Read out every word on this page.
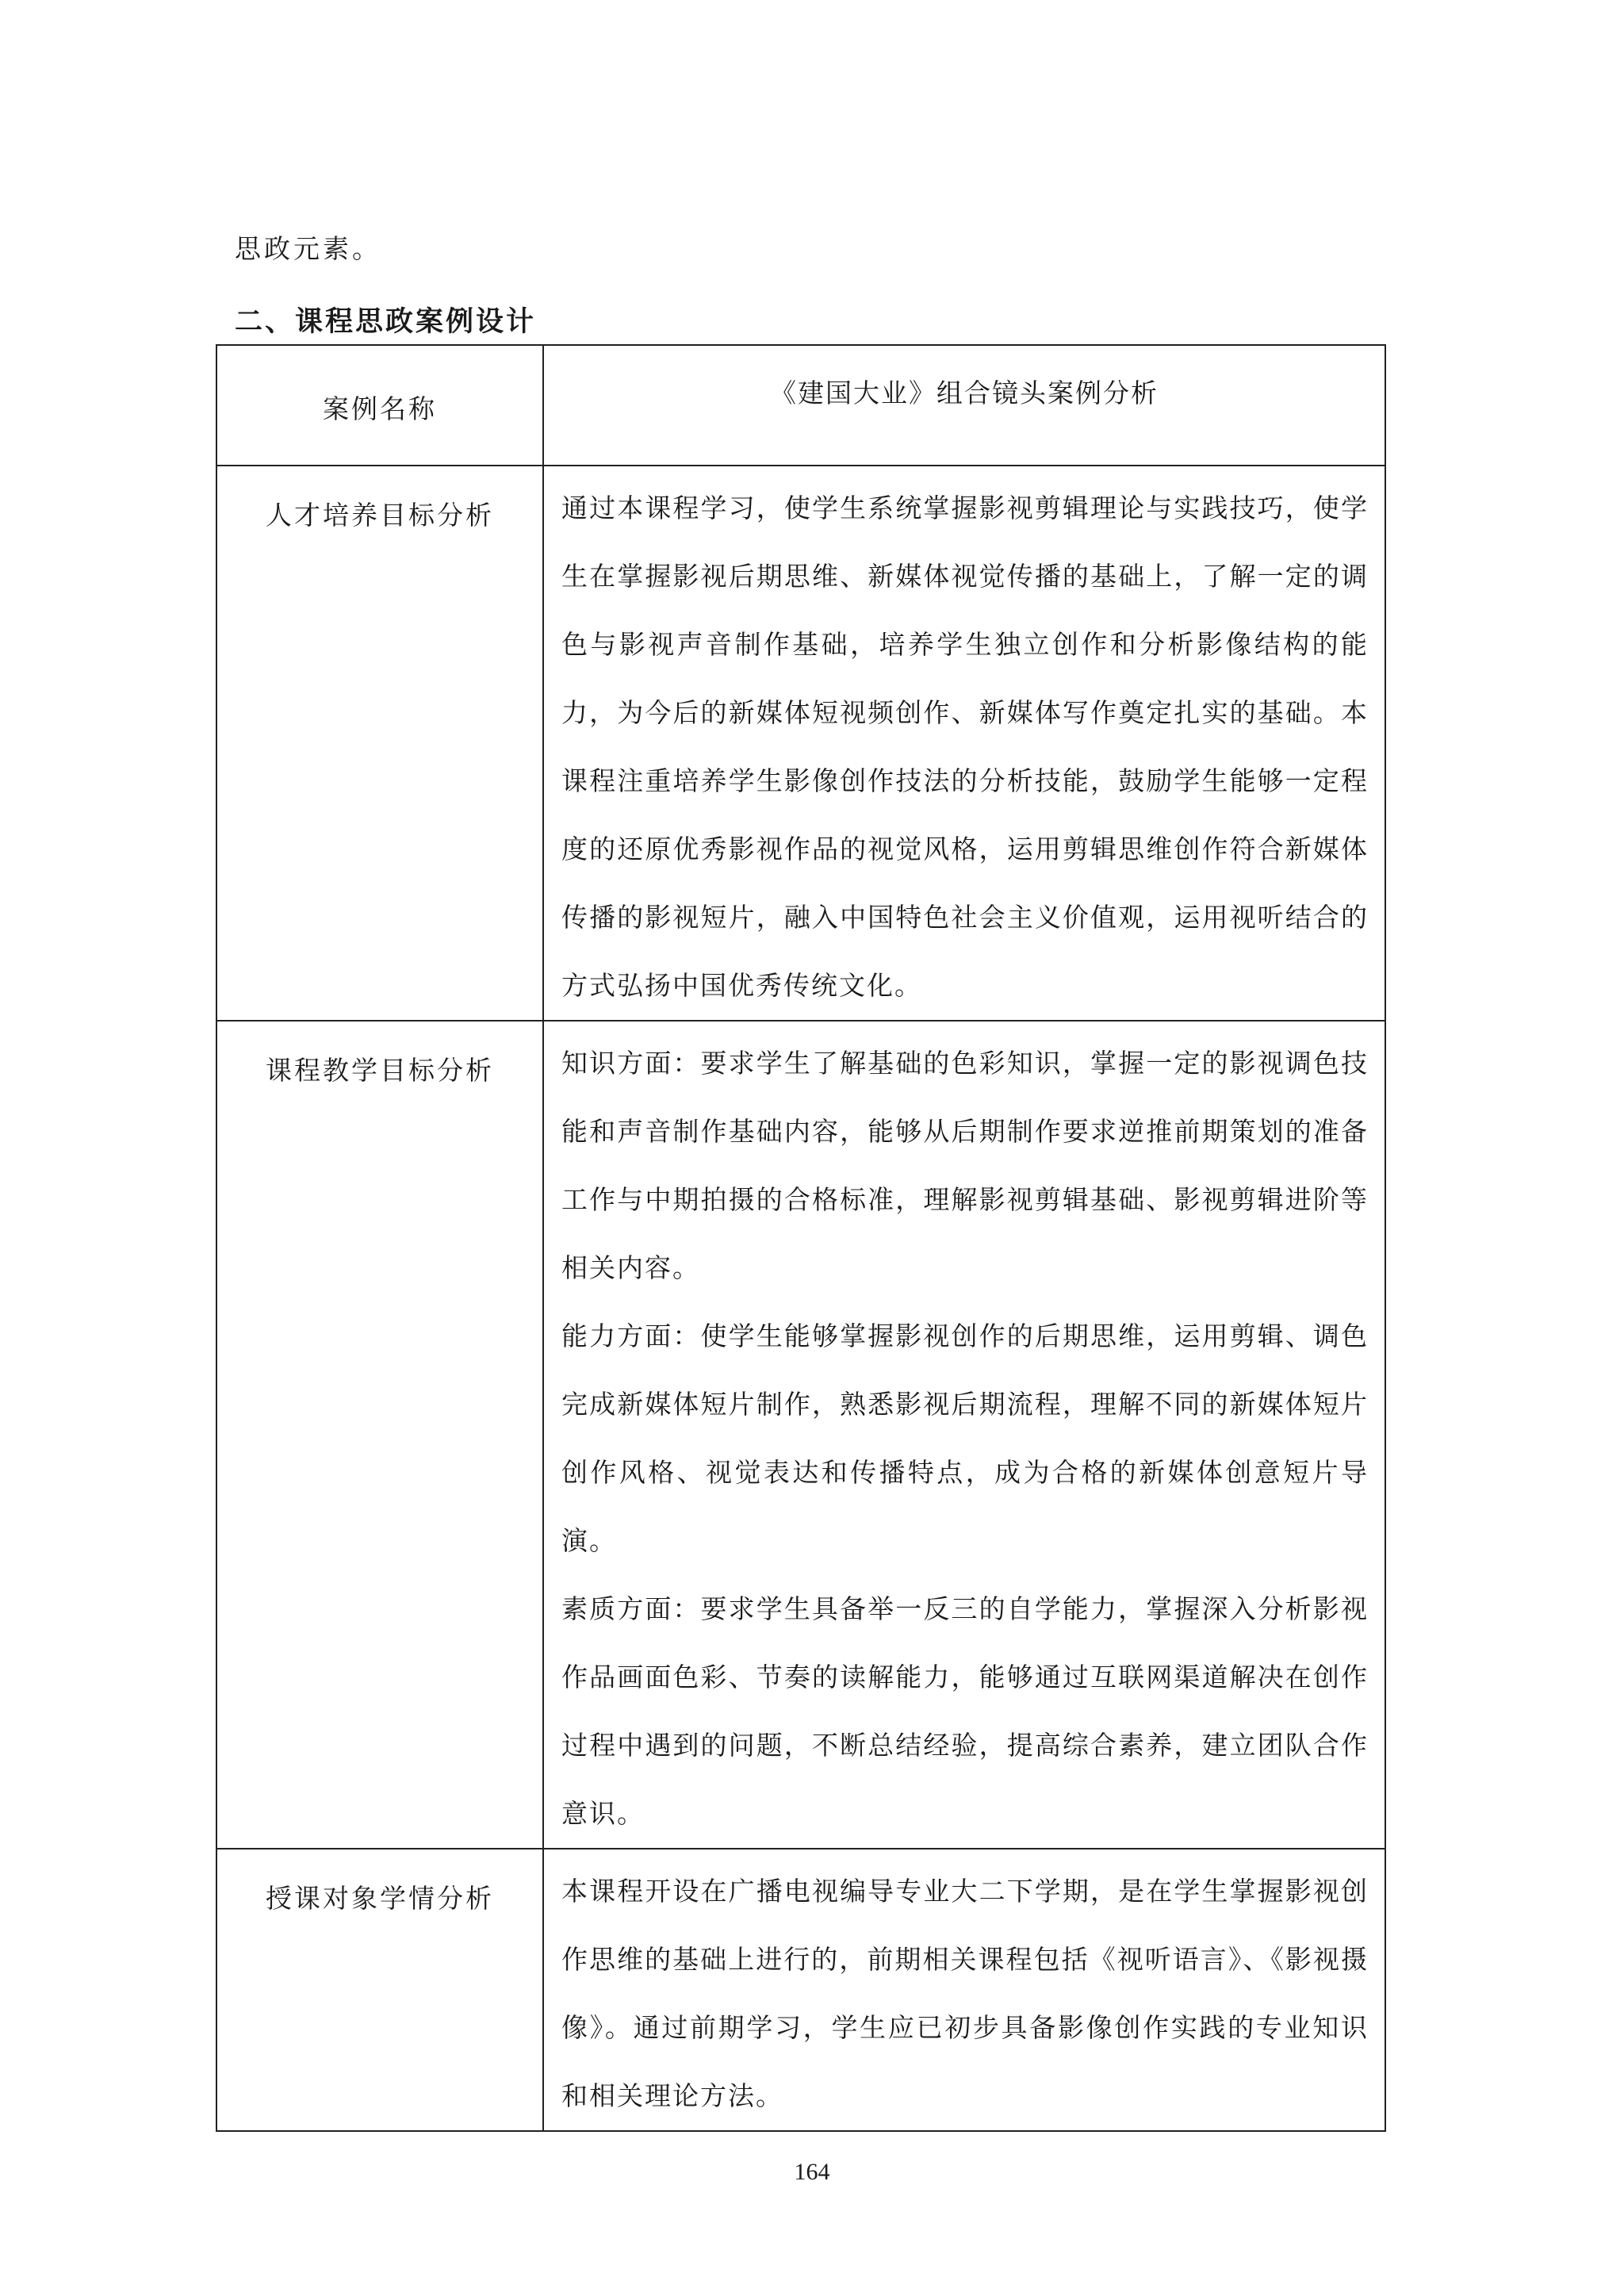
思政元素。
二、课程思政案例设计
案例名称	《建国大业》组合镜头案例分析

人才培养目标分析	通过本课程学习，使学生系统掌握影视剪辑理论与实践技巧，使学生在掌握影视后期思维、新媒体视觉传播的基础上，了解一定的调色与影视声音制作基础，培养学生独立创作和分析影像结构的能力，为今后的新媒体短视频创作、新媒体写作奠定扎实的基础。本课程注重培养学生影像创作技法的分析技能，鼓励学生能够一定程度的还原优秀影视作品的视觉风格，运用剪辑思维创作符合新媒体传播的影视短片，融入中国特色社会主义价值观，运用视听结合的方式弘扬中国优秀传统文化。

课程教学目标分析	知识方面：要求学生了解基础的色彩知识，掌握一定的影视调色技能和声音制作基础内容，能够从后期制作要求逆推前期策划的准备工作与中期拍摄的合格标准，理解影视剪辑基础、影视剪辑进阶等相关内容。

能力方面：使学生能够掌握影视创作的后期思维，运用剪辑、调色完成新媒体短片制作，熟悉影视后期流程，理解不同的新媒体短片创作风格、视觉表达和传播特点，成为合格的新媒体创意短片导演。

素质方面：要求学生具备举一反三的自学能力，掌握深入分析影视作品画面色彩、节奏的读解能力，能够通过互联网渠道解决在创作过程中遇到的问题，不断总结经验，提高综合素养，建立团队合作意识。

授课对象学情分析	本课程开设在广播电视编导专业大二下学期，是在学生掌握影视创作思维的基础上进行的，前期相关课程包括《视听语言》、《影视摄像》。通过前期学习，学生应已初步具备影像创作实践的专业知识和相关理论方法。

164
